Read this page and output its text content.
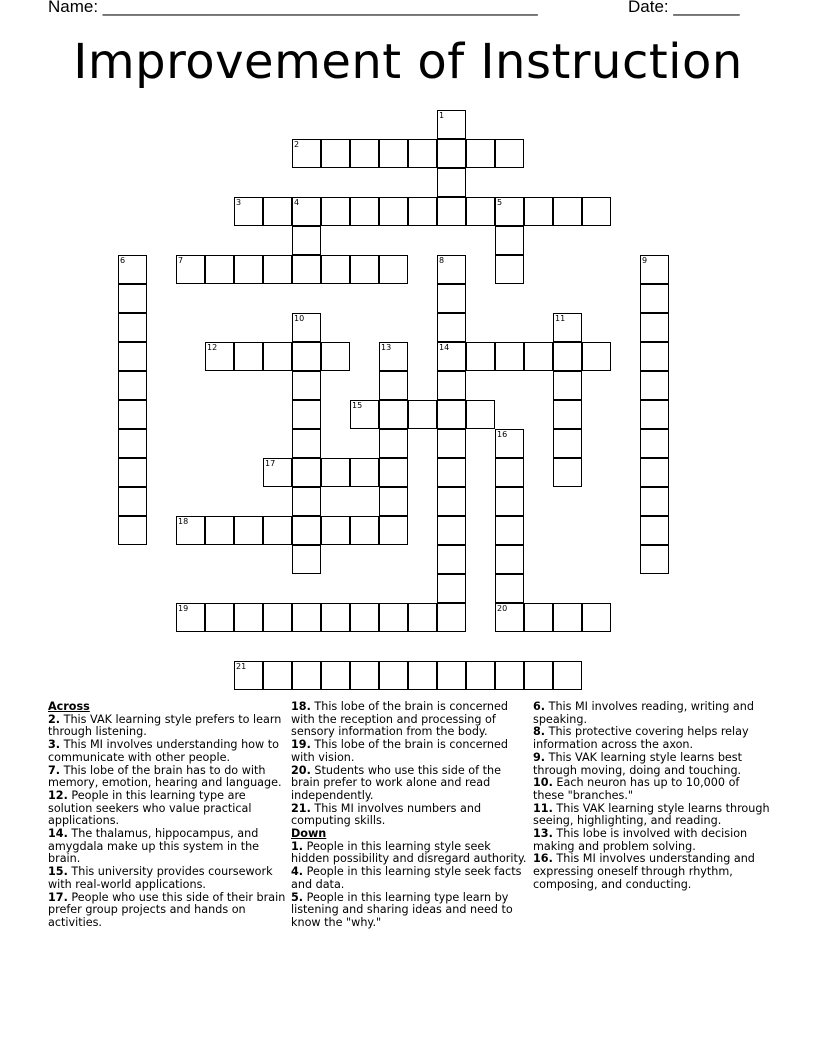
Name: ______________________________________________	Date: _______
Improvement of Instruction
1
2
3	4	5
6	7	8	9
10	11
12	13	14
15
16
17
18
19	20
21
Across
2. This VAK learning style prefers to learn through listening.
3. This MI involves understanding how to communicate with other people.
7. This lobe of the brain has to do with memory, emotion, hearing and language.
12. People in this learning type are solution seekers who value practical applications.
14. The thalamus, hippocampus, and amygdala make up this system in the brain.
15. This university provides coursework with real-world applications.
17. People who use this side of their brain prefer group projects and hands on activities.
18. This lobe of the brain is concerned with the reception and processing of sensory information from the body.
19. This lobe of the brain is concerned with vision.
20. Students who use this side of the brain prefer to work alone and read independently.
21. This MI involves numbers and computing skills.
Down
1. People in this learning style seek hidden possibility and disregard authority.
4. People in this learning style seek facts and data.
5. People in this learning type learn by listening and sharing ideas and need to know the "why."
6. This MI involves reading, writing and speaking.
8. This protective covering helps relay information across the axon.
9. This VAK learning style learns best through moving, doing and touching.
10. Each neuron has up to 10,000 of these "branches."
11. This VAK learning style learns through seeing, highlighting, and reading.
13. This lobe is involved with decision making and problem solving.
16. This MI involves understanding and expressing oneself through rhythm, composing, and conducting.
